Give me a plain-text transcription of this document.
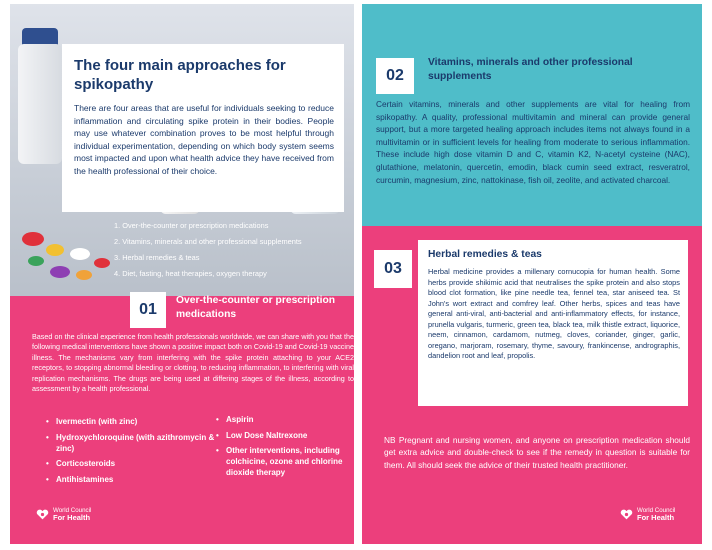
The four main approaches for spikopathy

There are four areas that are useful for individuals seeking to reduce inflammation and circulating spike protein in their bodies. People may use whatever combination proves to be most helpful through individual experimentation, depending on which body system seems most impacted and upon what health advice they have received from the health professional of their choice.

1. Over-the-counter or prescription medications
2. Vitamins, minerals and other professional supplements
3. Herbal remedies & teas
4. Diet, fasting, heat therapies, oxygen therapy
01
Over-the-counter or prescription medications
Based on the clinical experience from health professionals worldwide, we can share with you that the following medical interventions have shown a positive impact both on Covid-19 and Covid-19 vaccine illness. The mechanisms vary from interfering with the spike protein attaching to your ACE2 receptors, to stopping abnormal bleeding or clotting, to reducing inflammation, to interfering with viral replication mechanisms. The drugs are being used at differing stages of the illness, according to assessment by a health professional.
• Ivermectin (with zinc)
• Hydroxychloroquine (with azithromycin & zinc)
• Corticosteroids
• Antihistamines
• Aspirin
• Low Dose Naltrexone
• Other interventions, including colchicine, ozone and chlorine dioxide therapy
World Council
For Health
02
Vitamins, minerals and other professional supplements
Certain vitamins, minerals and other supplements are vital for healing from spikopathy. A quality, professional multivitamin and mineral can provide general support, but a more targeted healing approach includes items not always found in a multivitamin or in sufficient levels for healing from moderate to serious inflammation. These include high dose vitamin D and C, vitamin K2, N-acetyl cysteine (NAC), glutathione, melatonin, quercetin, emodin, black cumin seed extract, resveratrol, curcumin, magnesium, zinc, nattokinase, fish oil, zeolite, and activated charcoal.
Herbal remedies & teas
Herbal medicine provides a millenary cornucopia for human health. Some herbs provide shikimic acid that neutralises the spike protein and also stops blood clot formation, like pine needle tea, fennel tea, star aniseed tea. St John's wort extract and comfrey leaf. Other herbs, spices and teas have general anti-viral, anti-bacterial and anti-inflammatory effects, for instance, prunella vulgaris, turmeric, green tea, black tea, milk thistle extract, liquorice, neem, cinnamon, cardamom, nutmeg, cloves, coriander, ginger, garlic, oregano, marjoram, rosemary, thyme, savoury, frankincense, andrographis, dandelion root and leaf, propolis.
03
NB Pregnant and nursing women, and anyone on prescription medication should get extra advice and double-check to see if the remedy in question is suitable for them. All should seek the advice of their trusted health practitioner.
World Council
For Health
